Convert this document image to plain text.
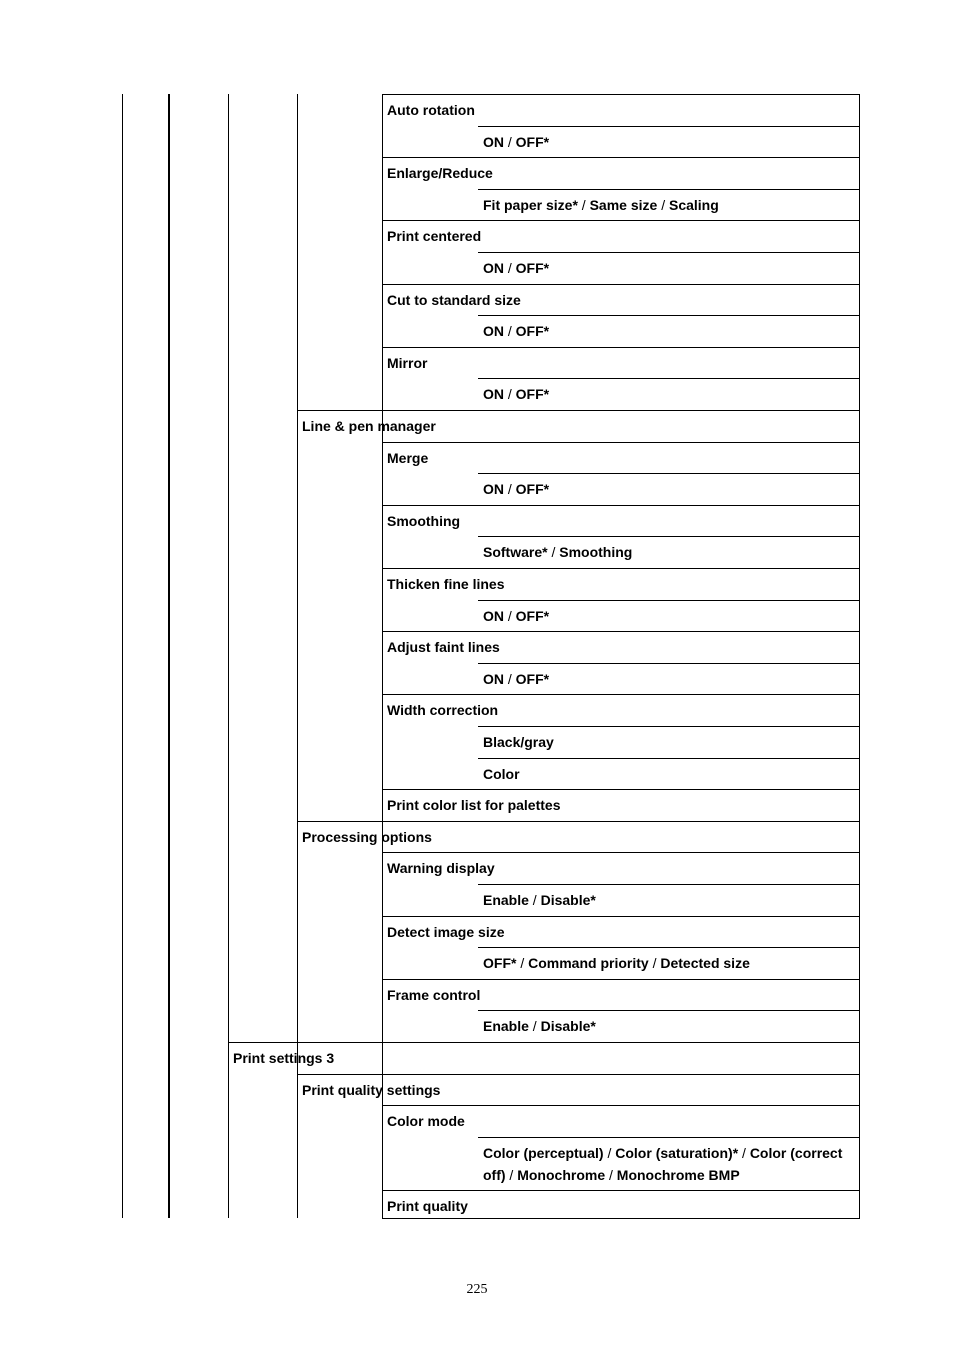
Auto rotation
ON / OFF*
Enlarge/Reduce
Fit paper size* / Same size / Scaling
Print centered
ON / OFF*
Cut to standard size
ON / OFF*
Mirror
ON / OFF*
Line & pen manager
Merge
ON / OFF*
Smoothing
Software* / Smoothing
Thicken fine lines
ON / OFF*
Adjust faint lines
ON / OFF*
Width correction
Black/gray
Color
Print color list for palettes
Processing options
Warning display
Enable / Disable*
Detect image size
OFF* / Command priority / Detected size
Frame control
Enable / Disable*
Print settings 3
Print quality settings
Color mode
Color (perceptual) / Color (saturation)* / Color (correct off) / Monochrome / Monochrome BMP
Print quality
225
